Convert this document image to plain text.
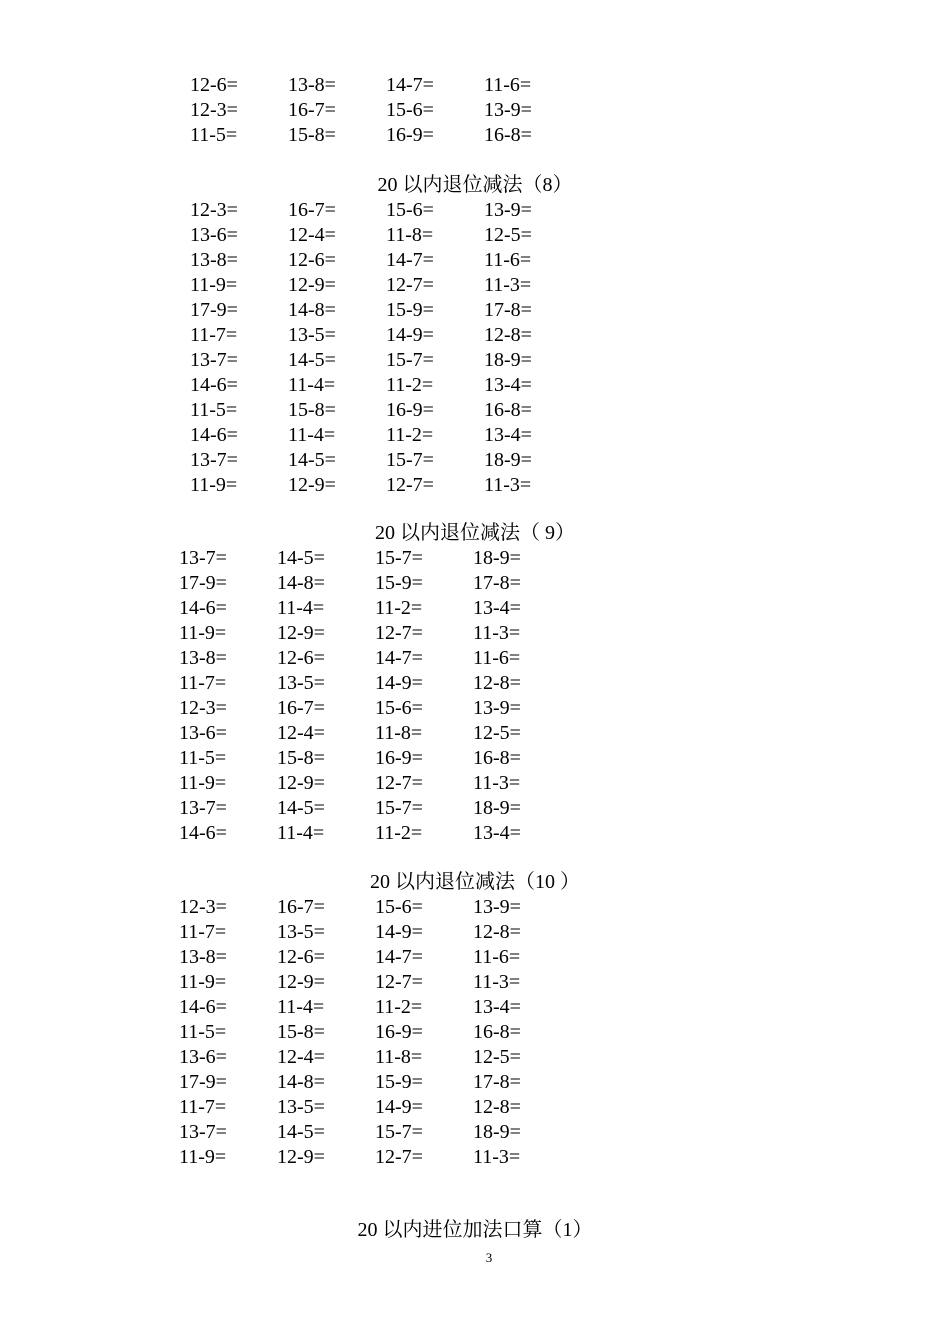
12-6=	13-8=	14-7=	11-6=
12-3=	16-7=	15-6=	13-9=
11-5=	15-8=	16-9=	16-8=
20 以内退位减法（8）
12-3=	16-7=	15-6=	13-9=
13-6=	12-4=	11-8=	12-5=
13-8=	12-6=	14-7=	11-6=
11-9=	12-9=	12-7=	11-3=
17-9=	14-8=	15-9=	17-8=
11-7=	13-5=	14-9=	12-8=
13-7=	14-5=	15-7=	18-9=
14-6=	11-4=	11-2=	13-4=
11-5=	15-8=	16-9=	16-8=
14-6=	11-4=	11-2=	13-4=
13-7=	14-5=	15-7=	18-9=
11-9=	12-9=	12-7=	11-3=
20 以内退位减法（ 9）
13-7=	14-5=	15-7=	18-9=
17-9=	14-8=	15-9=	17-8=
14-6=	11-4=	11-2=	13-4=
11-9=	12-9=	12-7=	11-3=
13-8=	12-6=	14-7=	11-6=
11-7=	13-5=	14-9=	12-8=
12-3=	16-7=	15-6=	13-9=
13-6=	12-4=	11-8=	12-5=
11-5=	15-8=	16-9=	16-8=
11-9=	12-9=	12-7=	11-3=
13-7=	14-5=	15-7=	18-9=
14-6=	11-4=	11-2=	13-4=
20 以内退位减法（10 ）
12-3=	16-7=	15-6=	13-9=
11-7=	13-5=	14-9=	12-8=
13-8=	12-6=	14-7=	11-6=
11-9=	12-9=	12-7=	11-3=
14-6=	11-4=	11-2=	13-4=
11-5=	15-8=	16-9=	16-8=
13-6=	12-4=	11-8=	12-5=
17-9=	14-8=	15-9=	17-8=
11-7=	13-5=	14-9=	12-8=
13-7=	14-5=	15-7=	18-9=
11-9=	12-9=	12-7=	11-3=
20 以内进位加法口算（1）
3
